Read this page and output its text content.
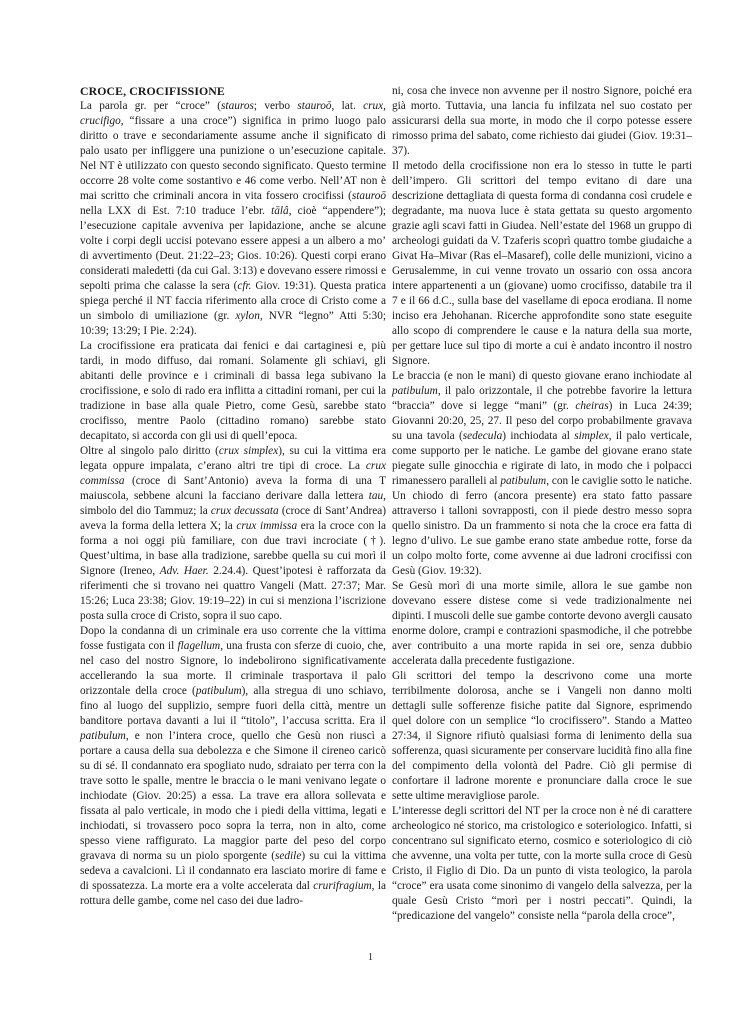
CROCE, CROCIFISSIONE

La parola gr. per “croce” (stauros; verbo stauroō, lat. crux, crucifigo, “fissare a una croce”) significa in primo luogo palo diritto o trave e secondariamente assume anche il significato di palo usato per infliggere una punizione o un’esecuzione capitale. Nel NT è utilizzato con questo secondo significato. Questo termine occorre 28 volte come sostantivo e 46 come verbo. Nell’AT non è mai scritto che criminali ancora in vita fossero crocifissi (stauroō nella LXX di Est. 7:10 traduce l’ebr. tālâ, cioè “appendere”); l’esecuzione capitale avveniva per lapidazione, anche se alcune volte i corpi degli uccisi potevano essere appesi a un albero a mo’ di avvertimento (Deut. 21:22–23; Gios. 10:26). Questi corpi erano considerati maledetti (da cui Gal. 3:13) e dovevano essere rimossi e sepolti prima che calasse la sera (cfr. Giov. 19:31). Questa pratica spiega perché il NT faccia riferimento alla croce di Cristo come a un simbolo di umiliazione (gr. xylon, NVR “legno” Atti 5:30; 10:39; 13:29; I Pie. 2:24).

La crocifissione era praticata dai fenici e dai cartaginesi e, più tardi, in modo diffuso, dai romani. Solamente gli schiavi, gli abitanti delle province e i criminali di bassa lega subivano la crocifissione, e solo di rado era inflitta a cittadini romani, per cui la tradizione in base alla quale Pietro, come Gesù, sarebbe stato crocifisso, mentre Paolo (cittadino romano) sarebbe stato decapitato, si accorda con gli usi di quell’epoca.

Oltre al singolo palo diritto (crux simplex), su cui la vittima era legata oppure impalata, c’erano altri tre tipi di croce. La crux commissa (croce di Sant’Antonio) aveva la forma di una T maiuscola, sebbene alcuni la facciano derivare dalla lettera tau, simbolo del dio Tammuz; la crux decussata (croce di Sant’Andrea) aveva la forma della lettera X; la crux immissa era la croce con la forma a noi oggi più familiare, con due travi incrociate (†). Quest’ultima, in base alla tradizione, sarebbe quella su cui morì il Signore (Ireneo, Adv. Haer. 2.24.4). Quest’ipotesi è rafforzata da riferimenti che si trovano nei quattro Vangeli (Matt. 27:37; Mar. 15:26; Luca 23:38; Giov. 19:19–22) in cui si menziona l’iscrizione posta sulla croce di Cristo, sopra il suo capo.

Dopo la condanna di un criminale era uso corrente che la vittima fosse fustigata con il flagellum, una frusta con sferze di cuoio, che, nel caso del nostro Signore, lo indebolirono significativamente accellerando la sua morte. Il criminale trasportava il palo orizzontale della croce (patibulum), alla stregua di uno schiavo, fino al luogo del supplizio, sempre fuori della città, mentre un banditore portava davanti a lui il “titolo”, l’accusa scritta. Era il patibulum, e non l’intera croce, quello che Gesù non riuscì a portare a causa della sua debolezza e che Simone il cireneo caricò su di sé. Il condannato era spogliato nudo, sdraiato per terra con la trave sotto le spalle, mentre le braccia o le mani venivano legate o inchiodate (Giov. 20:25) a essa. La trave era allora sollevata e fissata al palo verticale, in modo che i piedi della vittima, legati e inchiodati, si trovassero poco sopra la terra, non in alto, come spesso viene raffigurato. La maggior parte del peso del corpo gravava di norma su un piolo sporgente (sedile) su cui la vittima sedeva a cavalcioni. Lì il condannato era lasciato morire di fame e di spossatezza. La morte era a volte accelerata dal crurifragium, la rottura delle gambe, come nel caso dei due ladro-

ni, cosa che invece non avvenne per il nostro Signore, poiché era già morto. Tuttavia, una lancia fu infilzata nel suo costato per assicurarsi della sua morte, in modo che il corpo potesse essere rimosso prima del sabato, come richiesto dai giudei (Giov. 19:31–37).

Il metodo della crocifissione non era lo stesso in tutte le parti dell’impero. Gli scrittori del tempo evitano di dare una descrizione dettagliata di questa forma di condanna così crudele e degradante, ma nuova luce è stata gettata su questo argomento grazie agli scavi fatti in Giudea. Nell’estate del 1968 un gruppo di archeologi guidati da V. Tzaferis scoprì quattro tombe giudaiche a Givat Ha–Mivar (Ras el–Masaref), colle delle munizioni, vicino a Gerusalemme, in cui venne trovato un ossario con ossa ancora intere appartenenti a un (giovane) uomo crocifisso, databile tra il 7 e il 66 d.C., sulla base del vasellame di epoca erodiana. Il nome inciso era Jehohanan. Ricerche approfondite sono state eseguite allo scopo di comprendere le cause e la natura della sua morte, per gettare luce sul tipo di morte a cui è andato incontro il nostro Signore.

Le braccia (e non le mani) di questo giovane erano inchiodate al patibulum, il palo orizzontale, il che potrebbe favorire la lettura “braccia” dove si legge “mani” (gr. cheiras) in Luca 24:39; Giovanni 20:20, 25, 27. Il peso del corpo probabilmente gravava su una tavola (sedecula) inchiodata al simplex, il palo verticale, come supporto per le natiche. Le gambe del giovane erano state piegate sulle ginocchia e rigirate di lato, in modo che i polpacci rimanessero paralleli al patibulum, con le caviglie sotto le natiche. Un chiodo di ferro (ancora presente) era stato fatto passare attraverso i talloni sovrapposti, con il piede destro messo sopra quello sinistro. Da un frammento si nota che la croce era fatta di legno d’ulivo. Le sue gambe erano state ambedue rotte, forse da un colpo molto forte, come avvenne ai due ladroni crocifissi con Gesù (Giov. 19:32).

Se Gesù morì di una morte simile, allora le sue gambe non dovevano essere distese come si vede tradizionalmente nei dipinti. I muscoli delle sue gambe contorte devono avergli causato enorme dolore, crampi e contrazioni spasmodiche, il che potrebbe aver contribuito a una morte rapida in sei ore, senza dubbio accelerata dalla precedente fustigazione.

Gli scrittori del tempo la descrivono come una morte terribilmente dolorosa, anche se i Vangeli non danno molti dettagli sulle sofferenze fisiche patite dal Signore, esprimendo quel dolore con un semplice “lo crocifissero”. Stando a Matteo 27:34, il Signore rifiutò qualsiasi forma di lenimento della sua sofferenza, quasi sicuramente per conservare lucidità fino alla fine del compimento della volontà del Padre. Ciò gli permise di confortare il ladrone morente e pronunciare dalla croce le sue sette ultime meravigliose parole.

L’interesse degli scrittori del NT per la croce non è né di carattere archeologico né storico, ma cristologico e soteriologico. Infatti, si concentrano sul significato eterno, cosmico e soteriologico di ciò che avvenne, una volta per tutte, con la morte sulla croce di Gesù Cristo, il Figlio di Dio. Da un punto di vista teologico, la parola “croce” era usata come sinonimo di vangelo della salvezza, per la quale Gesù Cristo “morì per i nostri peccati”. Quindi, la “predicazione del vangelo” consiste nella “parola della croce”,

1
